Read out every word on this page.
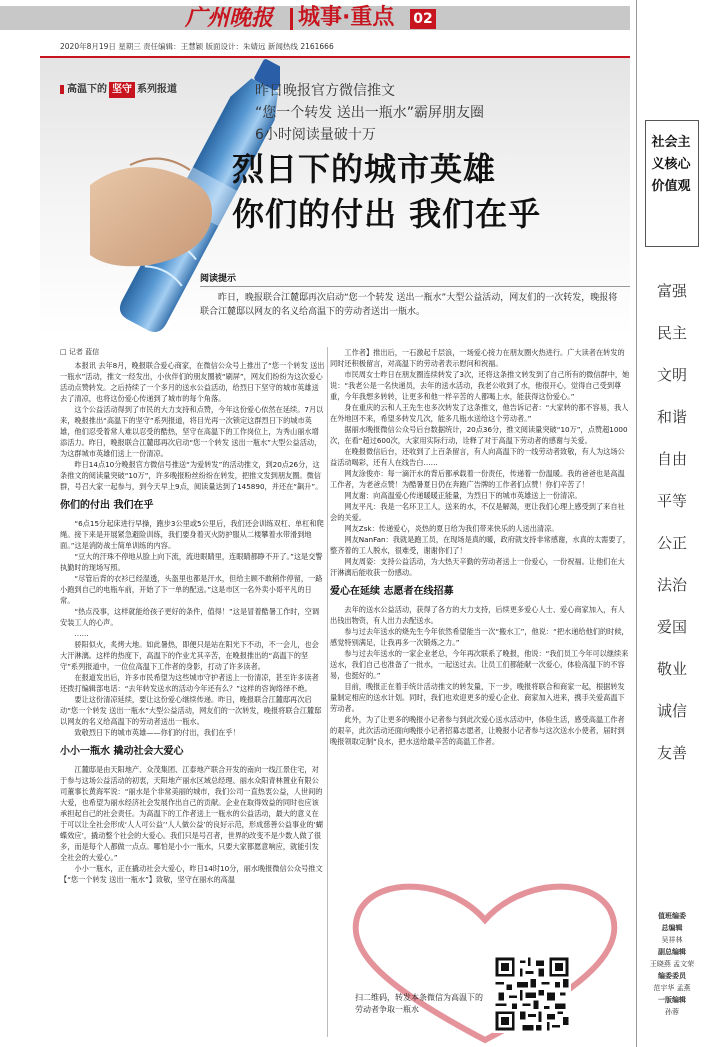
广州晚报	城事·重点 02
2020年8月19日 星期三 责任编辑：王慧颖 版面设计：朱婧远 新闻热线 2161666
高温下的 坚守 系列报道	昨日晚报官方微信推文
“您一个转发 送出一瓶水”霸屏朋友圈
6小时阅读量破十万
烈日下的城市英雄
你们的付出 我们在乎
阅读提示
昨日，晚报联合江麓邸再次启动“您一个转发 送出一瓶水”大型公益活动，网友们的一次转发，晚报将联合江麓邸以网友的名义给高温下的劳动者送出一瓶水。
□ 记者 蓝信

本报讯 去年8月，晚报联合爱心商家，在微信公众号上推出了“您一个转发 送出一瓶水”活动，推文一经发出，小伙伴们的朋友圈被“刷屏”，网友们纷纷为这次爱心活动点赞转发。之后持续了一个多月的送水公益活动，给烈日下坚守的城市英雄送去了清凉，也将这份爱心传递到了城市的每个角落。

这个公益活动得到了市民的大力支持和点赞，今年这份爱心依然在延续。7月以来，晚报推出“高温下的坚守”系列报道，将目光再一次锁定这群烈日下的城市英雄，他们忍受着常人难以忍受的酷热，坚守在高温下的工作岗位上，为秀山丽水增添活力。昨日，晚报联合江麓邸再次启动“您一个转发 送出一瓶水”大型公益活动，为这群城市英雄们送上一份清凉。

昨日14点10分晚报官方微信号推送“为爱转发”的活动推文，到20点26分，这条推文的阅读量突破“10万”，许多晚报粉丝纷纷在转发，把推文发到朋友圈。微信群，号召大家一起参与，到今天早上9点，阅读量达到了145890，并还在“飙升”。

你们的付出 我们在乎

“6点15分起床进行早操，跑步3公里或5公里后，我们还会训练双杠、单杠和爬绳。接下来是开展紧急避险训练，我们要身着灭火防护服从二楼攀着水带滑到地面。”这是消防战士简单训练的内容。

“豆大的汗珠不停地从脸上向下流，流进眼睛里，连眼睛都睁不开了。”这是交警执勤时的现场写照。

“尽管后背的衣衫已经湿透，头盔里也都是汗水，但给主顾不敢稍作停留，一路小跑到自己的电瓶车前，开始了下一单的配送。”这是市区一名外卖小哥平凡的日常。

“热点没事，这样就能给孩子更好的条件，值得！”这是冒着酷暑工作时，空调安装工人的心声。

……

骄阳似火，炙烤大地。如此暑热，即便只是站在阳光下不动，不一会儿，也会大汗淋漓。这样的热度下，高温下的作业尤其辛苦，在晚报推出的“高温下的坚守”系列报道中，一位位高温下工作者的身影，打动了许多读者。

在报道发出后，许多市民希望为这些城市守护者送上一份清凉，甚至许多读者还拨打编辑部电话：“去年转发送水的活动今年还有么？”这样的咨询络绎不绝。

要让这份清凉延续，要让这份爱心继续传递。昨日，晚报联合江麓邸再次启动“您一个转发 送出一瓶水”大型公益活动，网友们的一次转发，晚报将联合江麓邸以网友的名义给高温下的劳动者送出一瓶水。

致敬烈日下的城市英雄——你们的付出，我们在乎！

小小一瓶水 撬动社会大爱心

江麓邸是由天阳地产、众茂集团、江泰地产联合开发的南向一线江景住宅，对于参与这场公益活动的初衷，天阳地产丽水区域总经理、丽水众阳青林置业有限公司董事长黄海军说：“丽水是个非常美丽的城市，我们公司一直热衷公益，人世间的大爱，也希望为丽水经济社会发展作出自己的贡献。企业在取得效益的同时也应该承担起自己的社会责任。为高温下的工作者送上一瓶水的公益活动，最大的意义在于可以让全社会形成‘人人可公益’‘人人做公益’的良好示范，形成慈善公益事业的‘蝴蝶效应’，撬动整个社会的大爱心。我们只是号召者，世界的改变不是少数人做了很多，而是每个人都做一点点。哪怕是小小一瓶水，只要大家都愿意响应，就能引发全社会的大爱心。”

小小一瓶水，正在撬动社会大爱心，昨日14时10分，丽水晚报微信公众号推文【“您一个转发 送出一瓶水”】致敬，坚守在丽水的高温

工作者】推出后，一石激起千层浪，一场爱心接力在朋友圈火热进行。广大读者在转发的同时还积极留言，对高温下的劳动者表示慰问和祝福。

市民周女士昨日在朋友圈连续转发了3次，还将这条推文转发到了自己所有的微信群中，她说：“我老公是一名快递员，去年的送水活动，我老公收到了水，他很开心，觉得自己受到尊重，今年我想多转转，让更多和他一样辛苦的人都喝上水，能获得这份爱心。”

身在重庆的云和人王先生也多次转发了这条推文，他告诉记者：“大家转的都不容易，我人在外地回不来，希望多转发几次，能多几瓶水送给这个劳动者。”

据丽水晚报微信公众号后台数据统计，20点36分，推文阅读量突破“10万”，点赞超1000次，在看“超过600次，大家用实际行动，诠释了对于高温下劳动者的感谢与关爱。

在晚报微信后台，还收到了上百条留言，有人向高温下的一线劳动者致敬，有人为这场公益活动喝彩，还有人在线告白……

网友涂俊亦：每一滴汗水的背后都承载着一份责任，传递着一份温暖。我的爸爸也是高温工作者，为老爸点赞！为酷暑夏日仍在奔跑广告牌的工作者们点赞！你们辛苦了！

网友谢：向高温爱心传递暖暖正能量，为烈日下的城市英雄送上一份清凉。

网友平凡：我是一名环卫工人，送来的水，不仅是解渴，更让我们心理上感受到了来自社会的关爱。

网友Zsk：传递爱心，炎热的夏日给为我们带来快乐的人送出清凉。

网友NanFan：我就是跑工员，在现场是真的暖，政府就支持非常感谢，水真的太需要了，整齐着的工人脱水，很难受，谢谢你们了！

网友周姿：支持公益活动，为大热天辛勤的劳动者送上一份爱心，一份祝福。让他们在大汗淋漓后能收获一份感动。

爱心在延续 志愿者在线招募

去年的送水公益活动，获得了各方的大力支持，后续更多爱心人士、爱心商家加入，有人出钱出物资，有人出力去配送水。

参与过去年送水的烧先生今年依然希望能当一次“搬水工”，他说：“把水递给他们的时候，感觉特别满足，让我再多一次锻炼之力。”

参与过去年送水的一家企业老总，今年再次联系了晚报，他说：“我们员工今年可以继续来送水，我们自己也准备了一批水，一起送过去。让员工们都能献一次爱心，体验高温下的不容易，也挺好的。”

目前，晚报正在着手统计活动推文的转发量，下一步，晚报将联合和商家一起，根据转发量制定相应的送水计划。同时，我们也欢迎更多的爱心企业、商家加入进来，携手关爱高温下劳动者。

此外，为了让更多的晚报小记者参与到此次爱心送水活动中，体验生活，感受高温工作者的艰辛，此次活动还面向晚报小记者招募志愿者，让晚报小记者参与这次送水小使者，届时到晚报领取定制“良水，把水送给最辛苦的高温工作者。

扫二维码，转发本条微信为高温下的劳动者争取一瓶水
社会主义核心价值观
富强
民主
文明
和谐
自由
平等
公正
法治
爱国
敬业
诚信
友善
值班编委
总编辑
吴祥林
副总编辑
王晓燕 孟文荣
编委委员
范宇华 孟燕
一版编辑
孙蓉
